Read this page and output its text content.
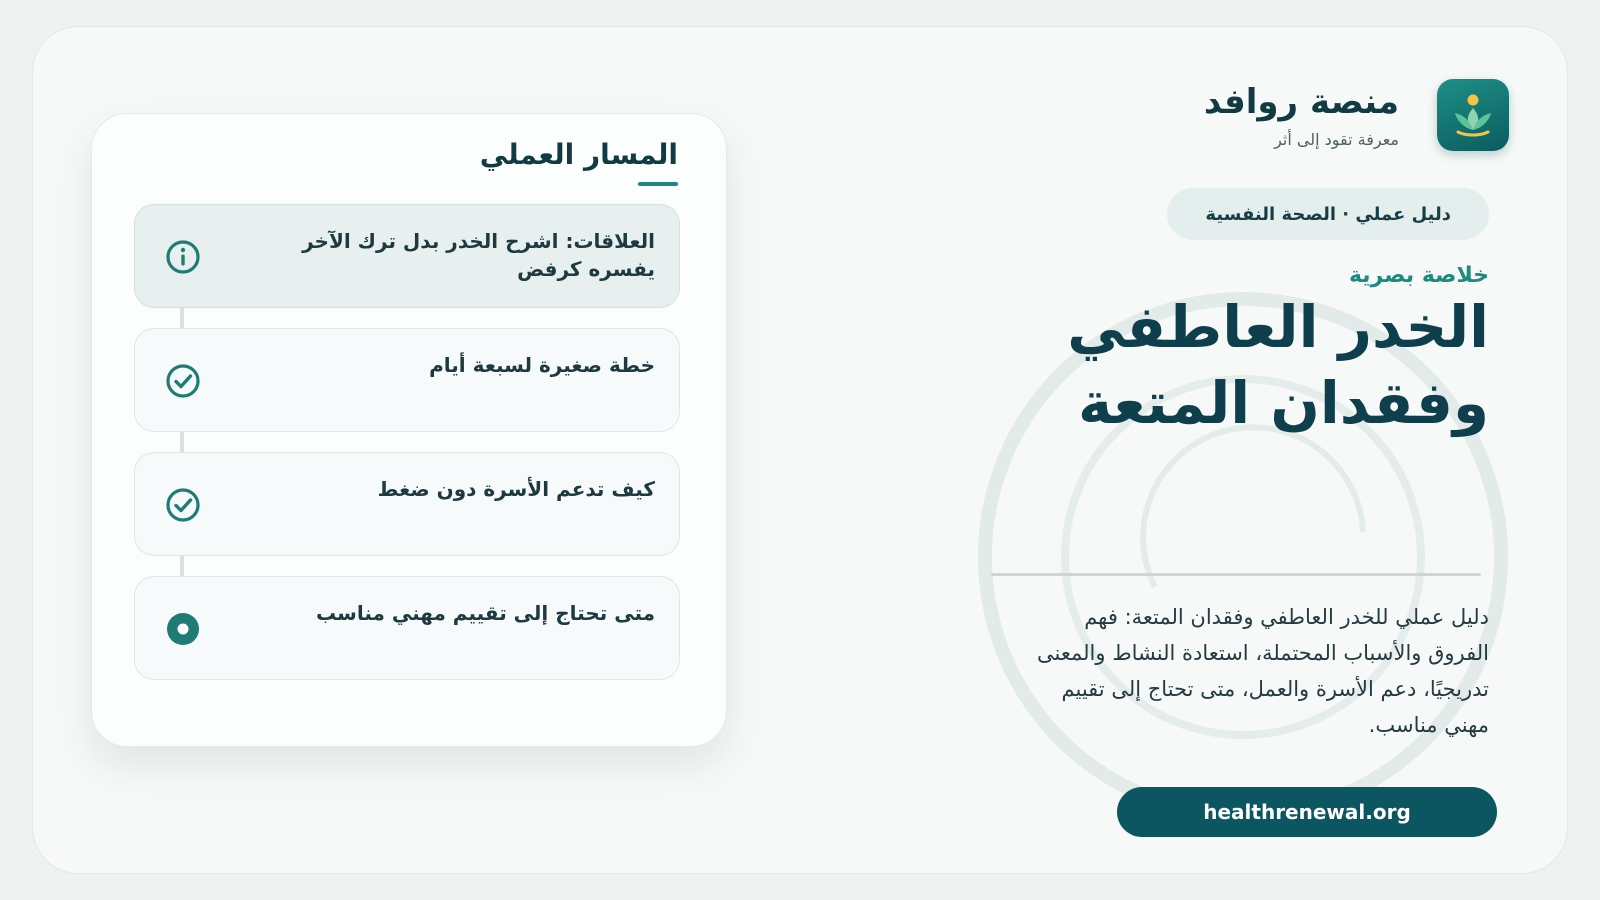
منصة روافد
معرفة تقود إلى أثر
دليل عملي · الصحة النفسية
خلاصة بصرية
الخدر العاطفي
وفقدان المتعة
دليل عملي للخدر العاطفي وفقدان المتعة: فهم الفروق والأسباب المحتملة، استعادة النشاط والمعنى تدريجيًا، دعم الأسرة والعمل، متى تحتاج إلى تقييم مهني مناسب.
healthrenewal.org
المسار العملي
العلاقات: اشرح الخدر بدل ترك الآخر يفسره كرفض
خطة صغيرة لسبعة أيام
كيف تدعم الأسرة دون ضغط
متى تحتاج إلى تقييم مهني مناسب
